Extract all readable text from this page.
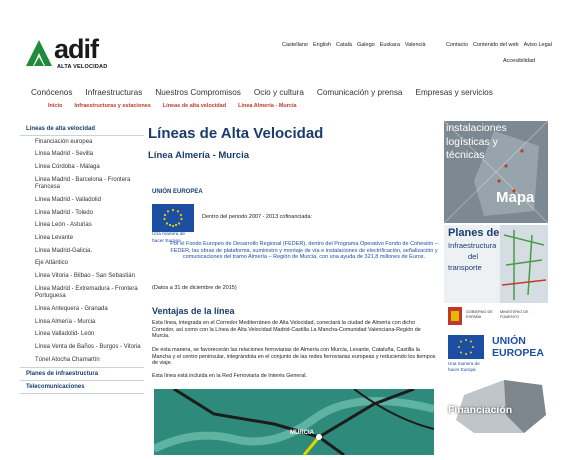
adif
ALTA VELOCIDAD
Castellano English Català Galego Euskara Valencià	Contacto Contenido del web Aviso Legal
Accesibilidad
Conócenos Infraestructuras Nuestros Compromisos Ocio y cultura Comunicación y prensa Empresas y servicios
Inicio Infraestructuras y estaciones Líneas de alta velocidad Línea Almería - Murcia
Líneas de alta velocidad
Financiación europea
Línea Madrid - Sevilla
Línea Córdoba - Málaga
Línea Madrid - Barcelona - Frontera Francesa
Línea Madrid - Valladolid
Línea Madrid - Toledo
Línea León - Asturias
Línea Levante
Línea Madrid-Galicia.
Eje Atlántico
Línea Vitoria - Bilbao - San Sebastián
Línea Madrid - Extremadura - Frontera Portuguesa
Línea Antequera - Granada
Línea Almería - Murcia
Línea Valladolid- León
Línea Venta de Baños - Burgos - Vitoria
Túnel Atocha Chamartín
Planes de infraestructura
Telecomunicaciones
Líneas de Alta Velocidad
Línea Almería - Murcia
UNIÓN EUROPEA
Una manera de hacer Europa
Dentro del periodo 2007 - 2013 cofinanciada:
Por el Fondo Europeo de Desarrollo Regional (FEDER), dentro del Programa Operativo Fondo de Cohesión – FEDER, las obras de plataforma, suministro y montaje de vía e instalaciones de electrificación, señalización y comunicaciones del tramo Almería – Región de Murcia, con una ayuda de 321,8 millones de Euros.
(Datos a 31 de diciembre de 2015)
Ventajas de la línea
Esta línea, integrada en el Corredor Mediterráneo de Alta Velocidad, conectará la ciudad de Almería con dicho Corredor, así como con la Línea de Alta Velocidad Madrid-Castilla La Mancha-Comunidad Valenciana-Región de Murcia.
De esta manera, se favorecerán las relaciones ferroviarias de Almería con Murcia, Levante, Cataluña, Castilla la Mancha y el centro peninsular, integrándola en el conjunto de las redes ferroviarias europeas y reduciendo los tiempos de viaje.
Esta línea está incluida en la Red Ferroviaria de Interés General.
MURCIA
instalaciones
logísticas y
técnicas
Mapa
Planes de
Infraestructura
del
transporte
GOBIERNO DE ESPAÑA
MINISTERIO DE FOMENTO
UNIÓN EUROPEA
Una manera de hacer Europa
Financiación
